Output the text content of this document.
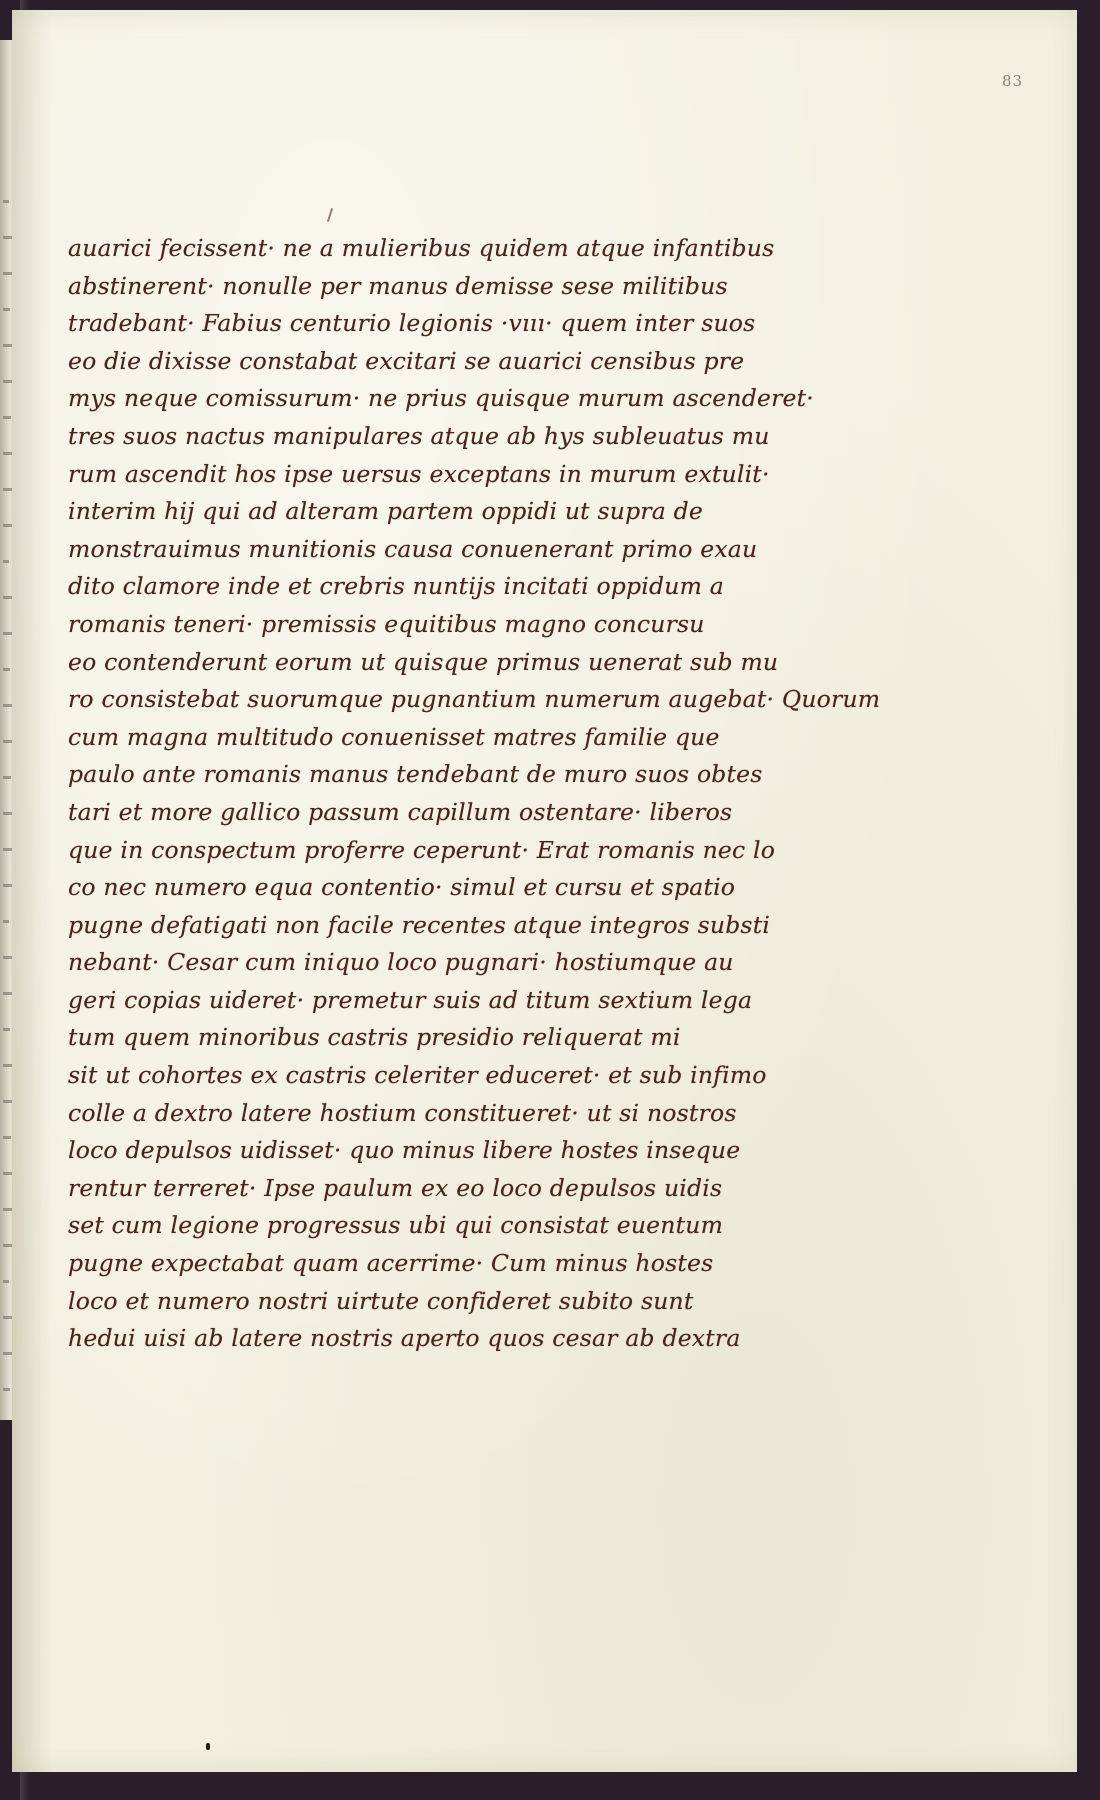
83
auarici fecissent· ne a mulieribus quidem atque infantibus
abstinerent· nonulle per manus demisse sese militibus
tradebant· Fabius centurio legionis ·vııı· quem inter suos
eo die dixisse constabat excitari se auarici censibus pre
mys neque comissurum· ne prius quisque murum ascenderet·
tres suos nactus manipulares atque ab hys subleuatus mu
rum ascendit hos ipse uersus exceptans in murum extulit·
interim hij qui ad alteram partem oppidi ut supra de
monstrauimus munitionis causa conuenerant primo exau
dito clamore inde et crebris nuntijs incitati oppidum a
romanis teneri· premissis equitibus magno concursu
eo contenderunt eorum ut quisque primus uenerat sub mu
ro consistebat suorumque pugnantium numerum augebat· Quorum
cum magna multitudo conuenisset matres familie que
paulo ante romanis manus tendebant de muro suos obtes
tari et more gallico passum capillum ostentare· liberos
que in conspectum proferre ceperunt· Erat romanis nec lo
co nec numero equa contentio· simul et cursu et spatio
pugne defatigati non facile recentes atque integros substi
nebant· Cesar cum iniquo loco pugnari· hostiumque au
geri copias uideret· premetur suis ad titum sextium lega
tum quem minoribus castris presidio reliquerat mi
sit ut cohortes ex castris celeriter educeret· et sub infimo
colle a dextro latere hostium constitueret· ut si nostros
loco depulsos uidisset· quo minus libere hostes inseque
rentur terreret· Ipse paulum ex eo loco depulsos uidis
set cum legione progressus ubi qui consistat euentum
pugne expectabat quam acerrime· Cum minus hostes
loco et numero nostri uirtute confideret subito sunt
hedui uisi ab latere nostris aperto quos cesar ab dextra
